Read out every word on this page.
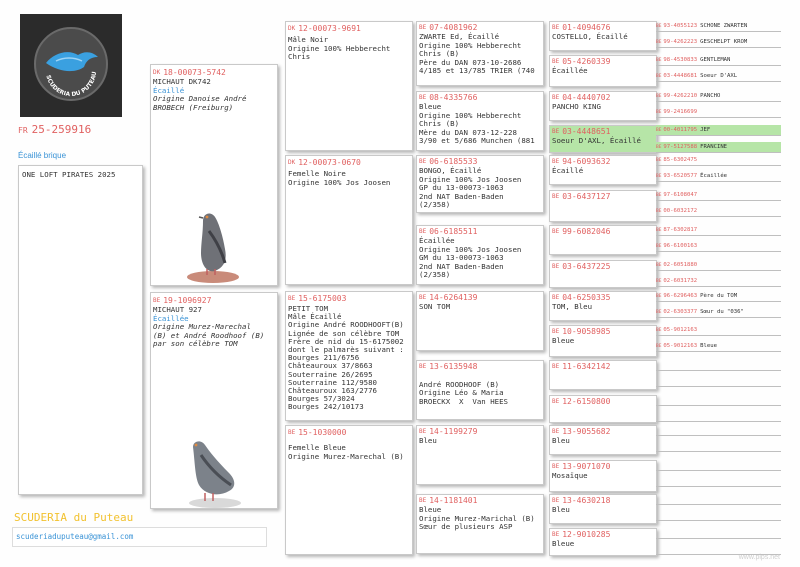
SCUDERIA DU PUTEAU
FR 25-259916
Écaillé brique
ONE LOFT PIRATES 2025
SCUDERIA du Puteau
scuderiaduputeau@gmail.com
DK 18-00073-5742
MICHAUT DK742
Écaillé
Origine Danoise André
BROBECH (Freiburg)
BE 19-1096927
MICHAUT 927
Écaillée
Origine Murez-Marechal
(B) et André Roodhoof (B)
par son célèbre TOM
DK 12-00073-9691
Mâle Noir
Origine 100% Hebberecht
Chris
DK 12-00073-0670
Femelle Noire
Origine 100% Jos Joosen
BE 15-6175003
PETIT TOM
Mâle Écaillé
Origine André ROODHOOFT(B)
Lignée de son célèbre TOM
Frère de nid du 15-6175002
dont le palmarès suivant :
Bourges 211/6756
Châteauroux 37/8663
Souterraine 26/2695
Souterraine 112/9580
Châteauroux 163/2776
Bourges 57/3024
Bourges 242/10173
BE 15-1030000
Femelle Bleue
Origine Murez-Marechal (B)
BE 07-4081962
ZWARTE Ed, Écaillé
Origine 100% Hebberecht
Chris (B)
Père du DAN 073-10-2686
4/185 et 13/785 TRIER (740
BE 08-4335766
Bleue
Origine 100% Hebberecht
Chris (B)
Mère du DAN 073-12-228
3/90 et 5/686 Munchen (881
BE 06-6185533
BONGO, Écaillé
Origine 100% Jos Joosen
GP du 13-00073-1063
2nd NAT Baden-Baden
(2/358)
BE 06-6185511
Écaillée
Origine 100% Jos Joosen
GM du 13-00073-1063
2nd NAT Baden-Baden
(2/358)
BE 14-6264139
SON TOM
BE 13-6135948

André ROODHOOF (B)
Origine Léo & Maria
BROECKX  X  Van HEES
BE 14-1199279
Bleu
BE 14-1181401
Bleue
Origine Murez-Marichal (B)
Sœur de plusieurs ASP
BE 01-4094676
COSTELLO, Écaillé
BE 05-4260339
Écaillée
BE 04-4440702
PANCHO KING
BE 03-4448651
Soeur D'AXL, Écaillé
BE 94-6093632
Écaillé
BE 03-6437127
BE 99-6082046
BE 03-6437225
BE 04-6250335
TOM, Bleu
BE 10-9058985
Bleue
BE 11-6342142
BE 12-6150800
BE 13-9055682
Bleu
BE 13-9071070
Mosaïque
BE 13-4630218
Bleu
BE 12-9010285
Bleue
BE 93-4055123 SCHONE ZWARTEN
BE 99-4262223 GESCHELPT KROM
BE 98-4530833 GENTLEMAN
BE 03-4448681 Soeur D'AXL
BE 99-4262210 PANCHO
BE 99-2416699
BE 00-4011795 JEF
BE 97-5127588 FRANCINE
BE 85-6302475
BE 93-6520577 Écaillée
BE 97-6108047
BE 00-6032172
BE 87-6302817
BE 96-6100163
BE 02-6051880
BE 02-6031732
BE 96-6296463 Père du TOM
BE 02-6303377 Sœur du "036"
BE 05-9012163
BE 05-9012163 Bleue
www.pips.net
